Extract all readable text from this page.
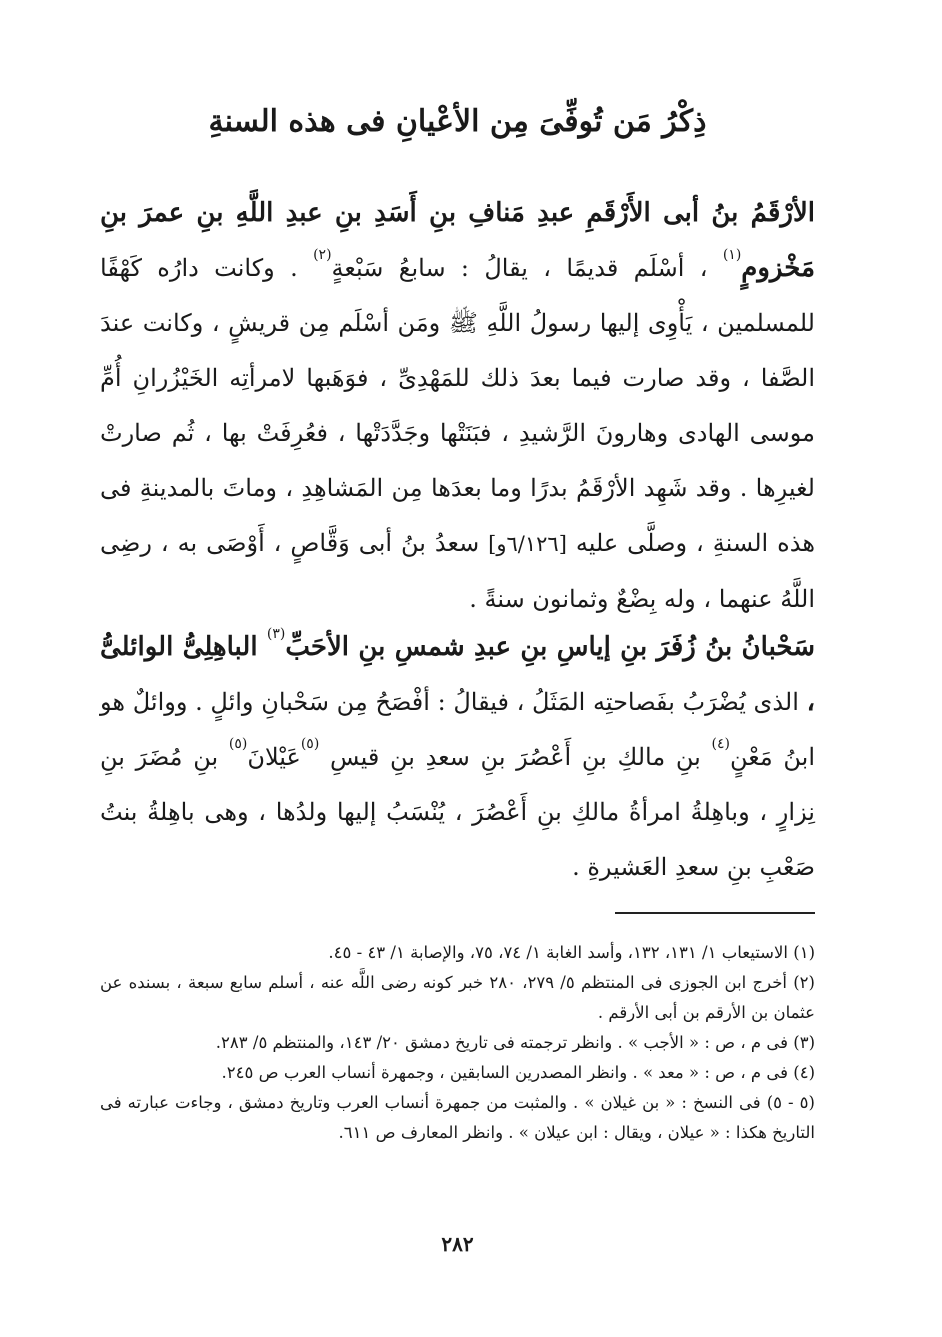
ذِكْرُ مَن تُوفِّىَ مِن الأعْيانِ فى هذه السنةِ

الأرْقَمُ بنُ أبى الأَرْقَمِ عبدِ مَنافِ بنِ أَسَدِ بنِ عبدِ اللَّهِ بنِ عمرَ بنِ مَخْزومٍ$^{(١)}$ ، أسْلَم قديمًا ، يقالُ : سابعُ سَبْعةٍ$^{(٢)}$ . وكانت دارُه كَهْفًا للمسلمين ، يَأْوِى إليها رسولُ اللَّهِ ﷺ ومَن أسْلَم مِن قريشٍ ، وكانت عندَ الصَّفا ، وقد صارت فيما بعدَ ذلك للمَهْدِىِّ ، فوَهَبها لامرأتِه الخَيْزُرانِ أُمِّ موسى الهادى وهارونَ الرَّشيدِ ، فبَنَتْها وجَدَّدَتْها ، فعُرِفَتْ بها ، ثُم صارتْ لغيرِها . وقد شَهِد الأرْقَمُ بدرًا وما بعدَها مِن المَشاهِدِ ، وماتَ بالمدينةِ فى هذه السنةِ ، وصلَّى عليه [٦/١٢٦و] سعدُ بنُ أبى وَقَّاصٍ ، أَوْصَى به ، رضِى اللَّهُ عنهما ، وله بِضْعٌ وثمانون سنةً .

سَحْبانُ بنُ زُفَرَ بنِ إياسِ بنِ عبدِ شمسِ بنِ الأحَبِّ$^{(٣)}$ الباهِلِىُّ الوائلىُّ ، الذى يُضْرَبُ بفَصاحتِه المَثَلُ ، فيقالُ : أفْصَحُ مِن سَحْبانِ وائلٍ . ووائلٌ هو ابنُ مَعْنٍ$^{(٤)}$ بنِ مالكِ بنِ أَعْصُرَ بنِ سعدِ بنِ قيسِ $^{(٥)}$عَيْلانَ$^{(٥)}$ بنِ مُضَرَ بنِ نِزارٍ ، وباهِلةُ امرأةُ مالكِ بنِ أَعْصُرَ ، يُنْسَبُ إليها ولدُها ، وهى باهِلةُ بنتُ صَعْبِ بنِ سعدِ العَشيرةِ .

(١) الاستيعاب ١/ ١٣١، ١٣٢، وأسد الغابة ١/ ٧٤، ٧٥، والإصابة ١/ ٤٣ - ٤٥.

(٢) أخرج ابن الجوزى فى المنتظم ٥/ ٢٧٩، ٢٨٠ خبر كونه رضى اللَّه عنه ، أسلم سابع سبعة ، بسنده عن عثمان بن الأرقم بن أبى الأرقم .

(٣) فى م ، ص : « الأجب » . وانظر ترجمته فى تاريخ دمشق ٢٠/ ١٤٣، والمنتظم ٥/ ٢٨٣.

(٤) فى م ، ص : « معد » . وانظر المصدرين السابقين ، وجمهرة أنساب العرب ص ٢٤٥.

(٥ - ٥) فى النسخ : « بن غيلان » . والمثبت من جمهرة أنساب العرب وتاريخ دمشق ، وجاءت عبارته فى التاريخ هكذا : « عيلان ، ويقال : ابن عيلان » . وانظر المعارف ص ٦١١.

٢٨٢
